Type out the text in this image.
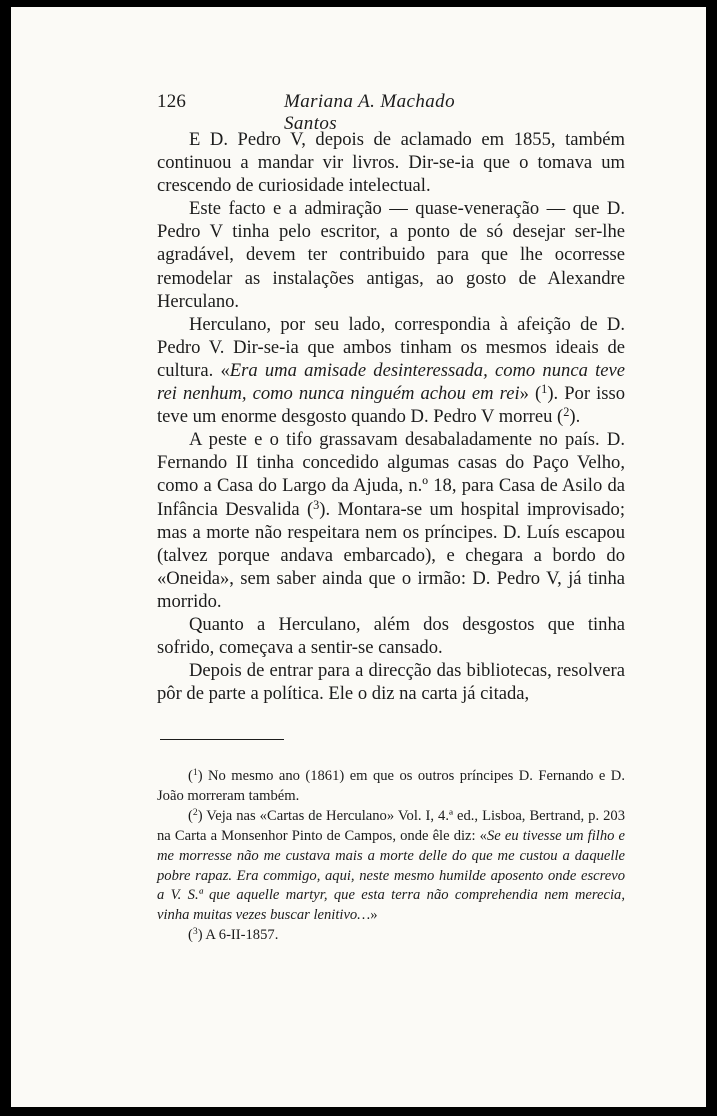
126	Mariana A. Machado Santos

E D. Pedro V, depois de aclamado em 1855, também continuou a mandar vir livros. Dir-se-ia que o tomava um crescendo de curiosidade intelectual.

Este facto e a admiração — quase-veneração — que D. Pedro V tinha pelo escritor, a ponto de só desejar ser-lhe agradável, devem ter contribuido para que lhe ocorresse remodelar as instalações antigas, ao gosto de Alexandre Herculano.

Herculano, por seu lado, correspondia à afeição de D. Pedro V. Dir-se-ia que ambos tinham os mesmos ideais de cultura. «Era uma amisade desinteressada, como nunca teve rei nenhum, como nunca ninguém achou em rei» ($^1$). Por isso teve um enorme desgosto quando D. Pedro V morreu ($^2$).

A peste e o tifo grassavam desabaladamente no país. D. Fernando II tinha concedido algumas casas do Paço Velho, como a Casa do Largo da Ajuda, n.º 18, para Casa de Asilo da Infância Desvalida ($^3$). Montara-se um hospital improvisado; mas a morte não respeitara nem os príncipes. D. Luís escapou (talvez porque andava embarcado), e chegara a bordo do «Oneida», sem saber ainda que o irmão: D. Pedro V, já tinha morrido.

Quanto a Herculano, além dos desgostos que tinha sofrido, começava a sentir-se cansado.

Depois de entrar para a direcção das bibliotecas, resolvera pôr de parte a política. Ele o diz na carta já citada,

($^1$) No mesmo ano (1861) em que os outros príncipes D. Fernando e D. João morreram também.

($^2$) Veja nas «Cartas de Herculano» Vol. I, 4.ª ed., Lisboa, Bertrand, p. 203 na Carta a Monsenhor Pinto de Campos, onde êle diz: «Se eu tivesse um filho e me morresse não me custava mais a morte delle do que me custou a daquelle pobre rapaz. Era commigo, aqui, neste mesmo humilde aposento onde escrevo a V. S.ª que aquelle martyr, que esta terra não comprehendia nem merecia, vinha muitas vezes buscar lenitivo…»

($^3$) A 6-II-1857.
